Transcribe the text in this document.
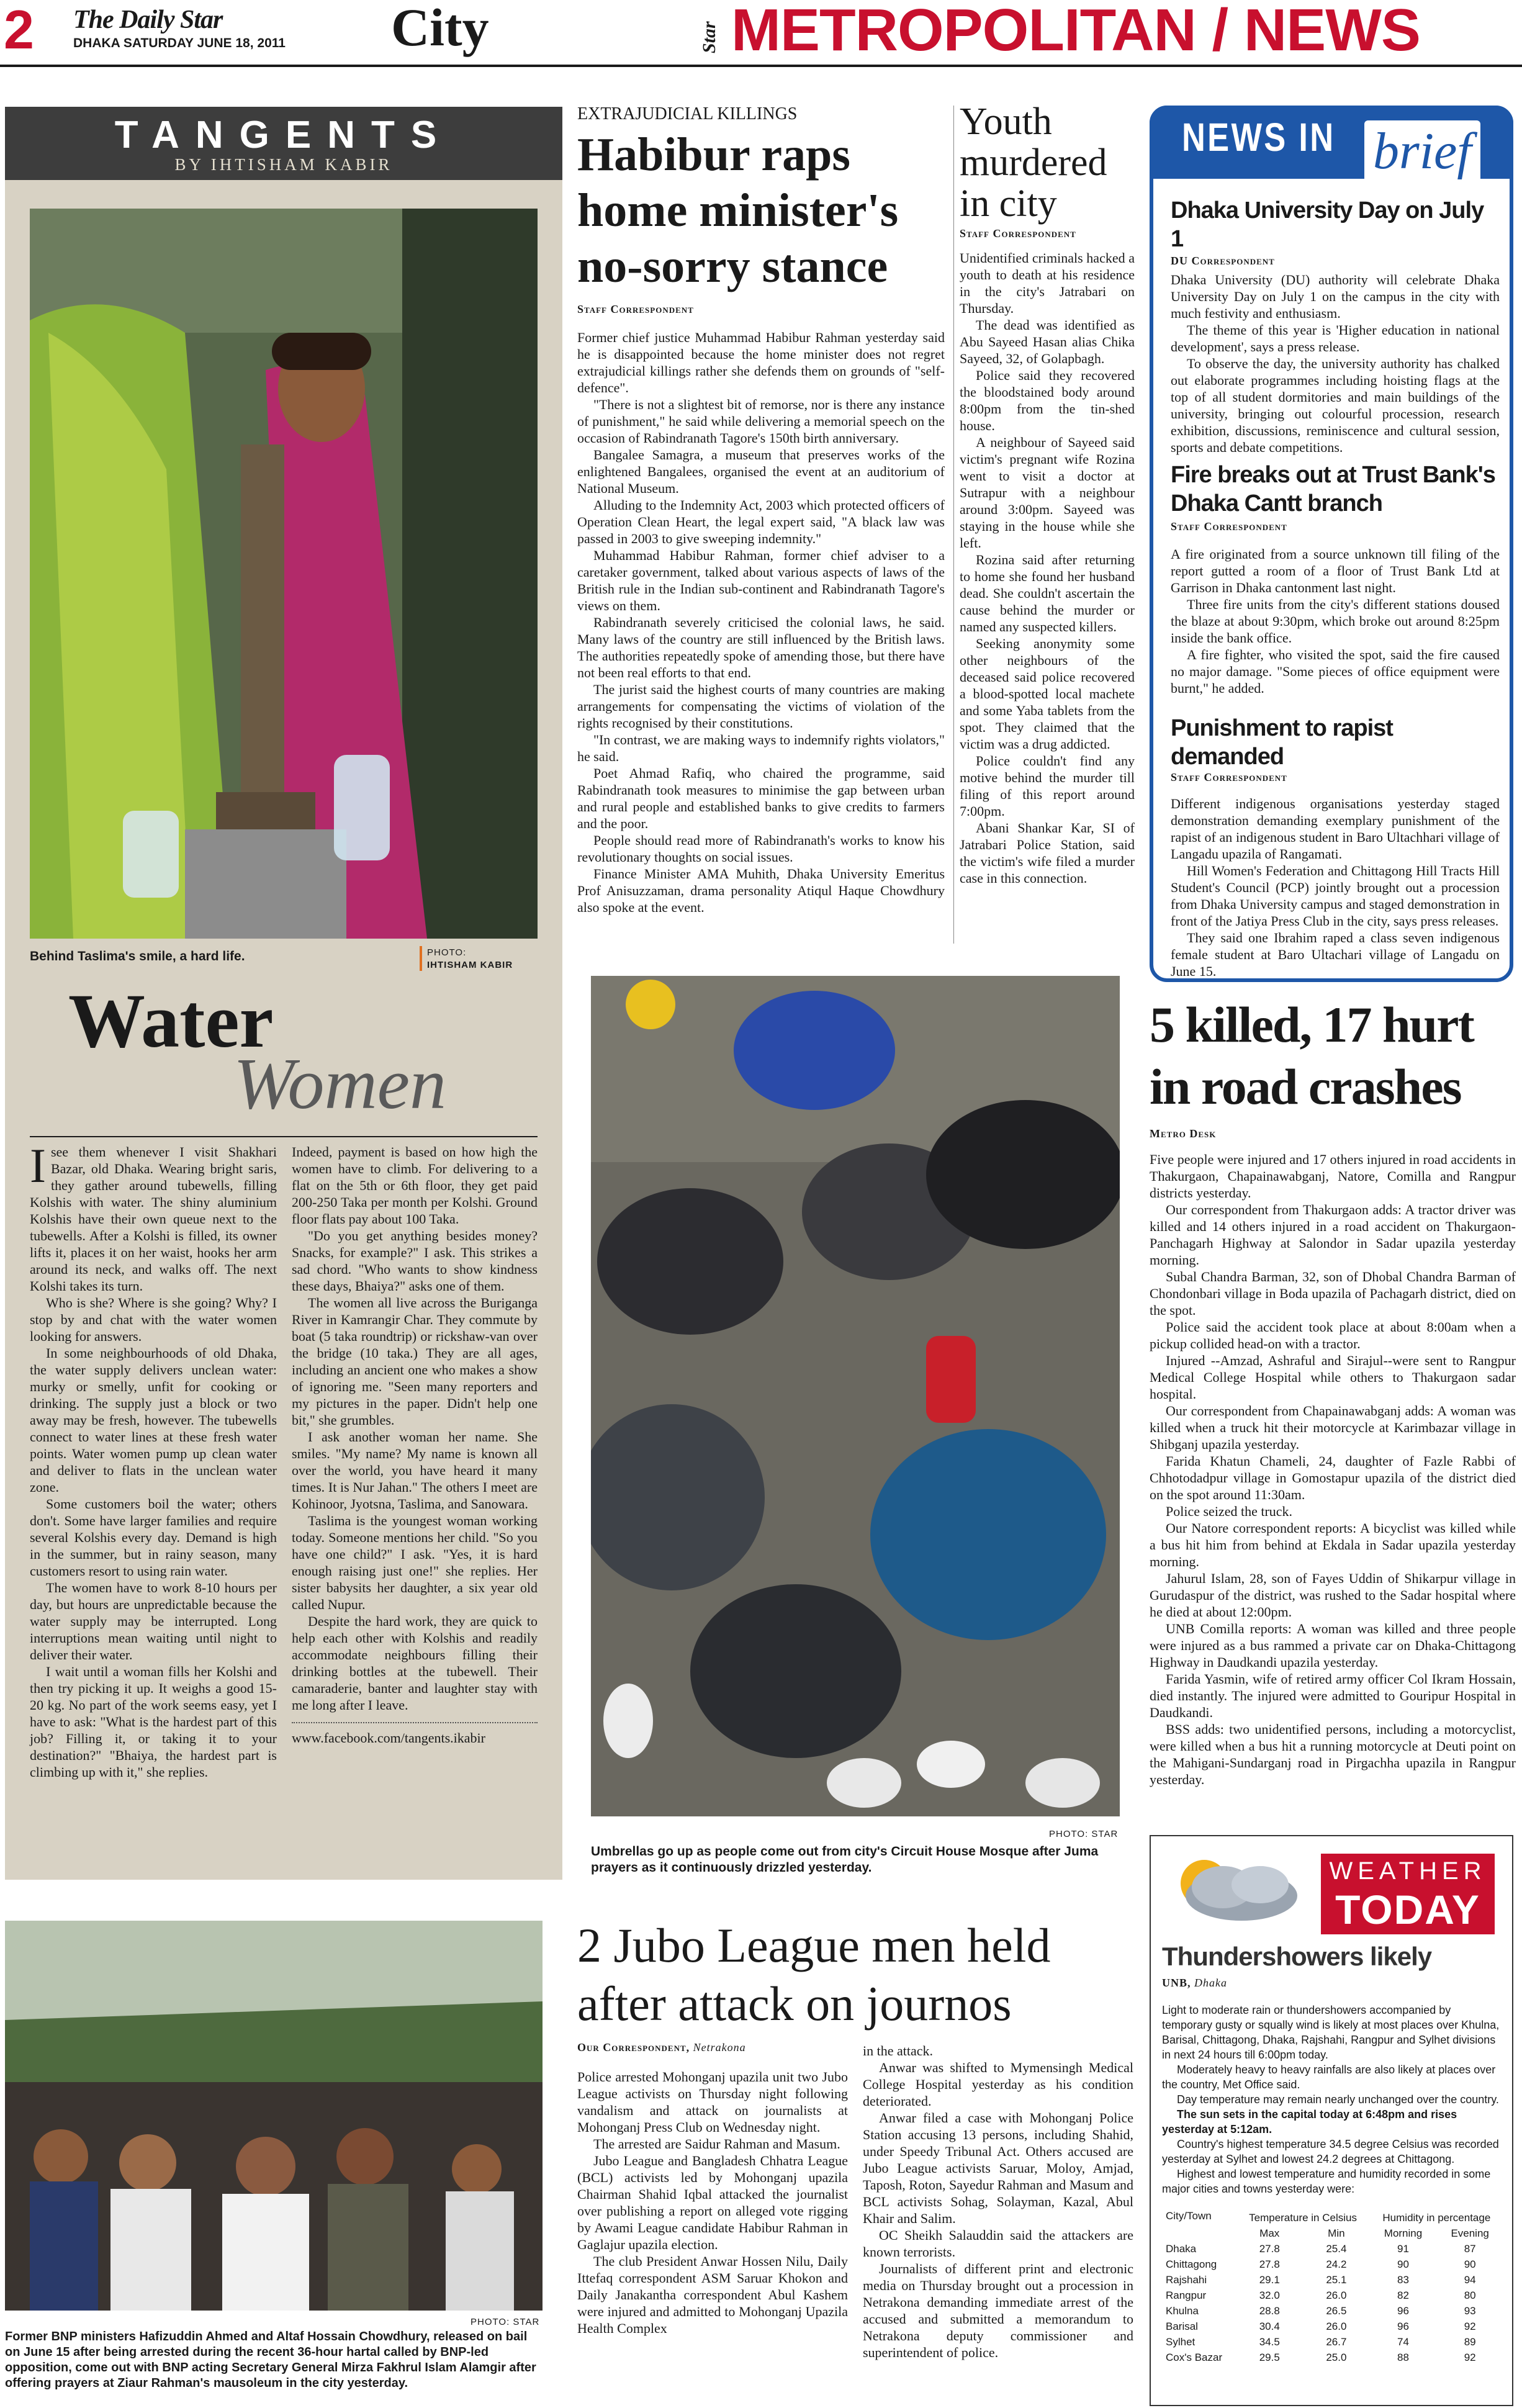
2 The Daily Star
DHAKA SATURDAY JUNE 18, 2011 City	Star METROPOLITAN / NEWS
TANGENTS
BY IHTISHAM KABIR
Behind Taslima's smile, a hard life.	PHOTO:
IHTISHAM KABIR
Water
Women
I see them whenever I visit Shakhari Bazar, old Dhaka. Wearing bright saris, they gather around tubewells, filling Kolshis with water. The shiny aluminium Kolshis have their own queue next to the tubewells. After a Kolshi is filled, its owner lifts it, places it on her waist, hooks her arm around its neck, and walks off. The next Kolshi takes its turn.

Who is she? Where is she going? Why? I stop by and chat with the water women looking for answers.

In some neighbourhoods of old Dhaka, the water supply delivers unclean water: murky or smelly, unfit for cooking or drinking. The supply just a block or two away may be fresh, however. The tubewells connect to water lines at these fresh water points. Water women pump up clean water and deliver to flats in the unclean water zone.

Some customers boil the water; others don't. Some have larger families and require several Kolshis every day. Demand is high in the summer, but in rainy season, many customers resort to using rain water.

The women have to work 8-10 hours per day, but hours are unpredictable because the water supply may be interrupted. Long interruptions mean waiting until night to deliver their water.

I wait until a woman fills her Kolshi and then try picking it up. It weighs a good 15-20 kg. No part of the work seems easy, yet I have to ask: "What is the hardest part of this job? Filling it, or taking it to your destination?" "Bhaiya, the hardest part is climbing up with it," she replies.

Indeed, payment is based on how high the women have to climb. For delivering to a flat on the 5th or 6th floor, they get paid 200-250 Taka per month per Kolshi. Ground floor flats pay about 100 Taka.

"Do you get anything besides money? Snacks, for example?" I ask. This strikes a sad chord. "Who wants to show kindness these days, Bhaiya?" asks one of them.

The women all live across the Buriganga River in Kamrangir Char. They commute by boat (5 taka roundtrip) or rickshaw-van over the bridge (10 taka.) They are all ages, including an ancient one who makes a show of ignoring me. "Seen many reporters and my pictures in the paper. Didn't help one bit," she grumbles.

I ask another woman her name. She smiles. "My name? My name is known all over the world, you have heard it many times. It is Nur Jahan." The others I meet are Kohinoor, Jyotsna, Taslima, and Sanowara.

Taslima is the youngest woman working today. Someone mentions her child. "So you have one child?" I ask. "Yes, it is hard enough raising just one!" she replies. Her sister babysits her daughter, a six year old called Nupur.

Despite the hard work, they are quick to help each other with Kolshis and readily accommodate neighbours filling their drinking bottles at the tubewell. Their camaraderie, banter and laughter stay with me long after I leave.

www.facebook.com/tangents.ikabir
EXTRAJUDICIAL KILLINGS
Habibur raps home minister's no-sorry stance
Staff Correspondent

Former chief justice Muhammad Habibur Rahman yesterday said he is disappointed because the home minister does not regret extrajudicial killings rather she defends them on grounds of "self-defence".

"There is not a slightest bit of remorse, nor is there any instance of punishment," he said while delivering a memorial speech on the occasion of Rabindranath Tagore's 150th birth anniversary.

Bangalee Samagra, a museum that preserves works of the enlightened Bangalees, organised the event at an auditorium of National Museum.

Alluding to the Indemnity Act, 2003 which protected officers of Operation Clean Heart, the legal expert said, "A black law was passed in 2003 to give sweeping indemnity."

Muhammad Habibur Rahman, former chief adviser to a caretaker government, talked about various aspects of laws of the British rule in the Indian sub-continent and Rabindranath Tagore's views on them.

Rabindranath severely criticised the colonial laws, he said. Many laws of the country are still influenced by the British laws. The authorities repeatedly spoke of amending those, but there have not been real efforts to that end.

The jurist said the highest courts of many countries are making arrangements for compensating the victims of violation of the rights recognised by their constitutions.

"In contrast, we are making ways to indemnify rights violators," he said.

Poet Ahmad Rafiq, who chaired the programme, said Rabindranath took measures to minimise the gap between urban and rural people and established banks to give credits to farmers and the poor.

People should read more of Rabindranath's works to know his revolutionary thoughts on social issues.

Finance Minister AMA Muhith, Dhaka University Emeritus Prof Anisuzzaman, drama personality Atiqul Haque Chowdhury also spoke at the event.

Youth
murdered
in city
Staff Correspondent

Unidentified criminals hacked a youth to death at his residence in the city's Jatrabari on Thursday.

The dead was identified as Abu Sayeed Hasan alias Chika Sayeed, 32, of Golapbagh.

Police said they recovered the bloodstained body around 8:00pm from the tin-shed house.

A neighbour of Sayeed said victim's pregnant wife Rozina went to visit a doctor at Sutrapur with a neighbour around 3:00pm. Sayeed was staying in the house while she left.

Rozina said after returning to home she found her husband dead. She couldn't ascertain the cause behind the murder or named any suspected killers.

Seeking anonymity some other neighbours of the deceased said police recovered a blood-spotted local machete and some Yaba tablets from the spot. They claimed that the victim was a drug addicted.

Police couldn't find any motive behind the murder till filing of this report around 7:00pm.

Abani Shankar Kar, SI of Jatrabari Police Station, said the victim's wife filed a murder case in this connection.

NEWS IN brief
Dhaka University Day on July 1
DU Correspondent

Dhaka University (DU) authority will celebrate Dhaka University Day on July 1 on the campus in the city with much festivity and enthusiasm.

The theme of this year is 'Higher education in national development', says a press release.

To observe the day, the university authority has chalked out elaborate programmes including hoisting flags at the top of all student dormitories and main buildings of the university, bringing out colourful procession, research exhibition, discussions, reminiscence and cultural session, sports and debate competitions.

Fire breaks out at Trust Bank's Dhaka Cantt branch
Staff Correspondent

A fire originated from a source unknown till filing of the report gutted a room of a floor of Trust Bank Ltd at Garrison in Dhaka cantonment last night.

Three fire units from the city's different stations doused the blaze at about 9:30pm, which broke out around 8:25pm inside the bank office.

A fire fighter, who visited the spot, said the fire caused no major damage. "Some pieces of office equipment were burnt," he added.

Punishment to rapist demanded
Staff Correspondent

Different indigenous organisations yesterday staged demonstration demanding exemplary punishment of the rapist of an indigenous student in Baro Ultachhari village of Langadu upazila of Rangamati.

Hill Women's Federation and Chittagong Hill Tracts Hill Student's Council (PCP) jointly brought out a procession from Dhaka University campus and staged demonstration in front of the Jatiya Press Club in the city, says press releases.

They said one Ibrahim raped a class seven indigenous female student at Baro Ultachari village of Langadu on June 15.

PHOTO: STAR
Umbrellas go up as people come out from city's Circuit House Mosque after Juma prayers as it continuously drizzled yesterday.
5 killed, 17 hurt
in road crashes
Metro Desk

Five people were injured and 17 others injured in road accidents in Thakurgaon, Chapainawabganj, Natore, Comilla and Rangpur districts yesterday.

Our correspondent from Thakurgaon adds: A tractor driver was killed and 14 others injured in a road accident on Thakurgaon-Panchagarh Highway at Salondor in Sadar upazila yesterday morning.

Subal Chandra Barman, 32, son of Dhobal Chandra Barman of Chondonbari village in Boda upazila of Pachagarh district, died on the spot.

Police said the accident took place at about 8:00am when a pickup collided head-on with a tractor.

Injured --Amzad, Ashraful and Sirajul--were sent to Rangpur Medical College Hospital while others to Thakurgaon sadar hospital.

Our correspondent from Chapainawabganj adds: A woman was killed when a truck hit their motorcycle at Karimbazar village in Shibganj upazila yesterday.

Farida Khatun Chameli, 24, daughter of Fazle Rabbi of Chhotodadpur village in Gomostapur upazila of the district died on the spot around 11:30am.

Police seized the truck.

Our Natore correspondent reports: A bicyclist was killed while a bus hit him from behind at Ekdala in Sadar upazila yesterday morning.

Jahurul Islam, 28, son of Fayes Uddin of Shikarpur village in Gurudaspur of the district, was rushed to the Sadar hospital where he died at about 12:00pm.

UNB Comilla reports: A woman was killed and three people were injured as a bus rammed a private car on Dhaka-Chittagong Highway in Daudkandi upazila yesterday.

Farida Yasmin, wife of retired army officer Col Ikram Hossain, died instantly. The injured were admitted to Gouripur Hospital in Daudkandi.

BSS adds: two unidentified persons, including a motorcyclist, were killed when a bus hit a running motorcycle at Deuti point on the Mahigani-Sundarganj road in Pirgachha upazila in Rangpur yesterday.

PHOTO: STAR
Former BNP ministers Hafizuddin Ahmed and Altaf Hossain Chowdhury, released on bail on June 15 after being arrested during the recent 36-hour hartal called by BNP-led opposition, come out with BNP acting Secretary General Mirza Fakhrul Islam Alamgir after offering prayers at Ziaur Rahman's mausoleum in the city yesterday.
2 Jubo League men held
after attack on journos
Our Correspondent, Netrakona

Police arrested Mohonganj upazila unit two Jubo League activists on Thursday night following vandalism and attack on journalists at Mohonganj Press Club on Wednesday night.

The arrested are Saidur Rahman and Masum.

Jubo League and Bangladesh Chhatra League (BCL) activists led by Mohonganj upazila Chairman Shahid Iqbal attacked the journalist over publishing a report on alleged vote rigging by Awami League candidate Habibur Rahman in Gaglajur upazila election.

The club President Anwar Hossen Nilu, Daily Ittefaq correspondent ASM Saruar Khokon and Daily Janakantha correspondent Abul Kashem were injured and admitted to Mohonganj Upazila Health Complex

in the attack.

Anwar was shifted to Mymensingh Medical College Hospital yesterday as his condition deteriorated.

Anwar filed a case with Mohonganj Police Station accusing 13 persons, including Shahid, under Speedy Tribunal Act. Others accused are Jubo League activists Saruar, Moloy, Amjad, Taposh, Roton, Sayedur Rahman and Masum and BCL activists Sohag, Solayman, Kazal, Abul Khair and Salim.

OC Sheikh Salauddin said the attackers are known terrorists.

Journalists of different print and electronic media on Thursday brought out a procession in Netrakona demanding immediate arrest of the accused and submitted a memorandum to Netrakona deputy commissioner and superintendent of police.

WEATHER
TODAY
Thundershowers likely
UNB, Dhaka

Light to moderate rain or thundershowers accompanied by temporary gusty or squally wind is likely at most places over Khulna, Barisal, Chittagong, Dhaka, Rajshahi, Rangpur and Sylhet divisions in next 24 hours till 6:00pm today.

Moderately heavy to heavy rainfalls are also likely at places over the country, Met Office said.

Day temperature may remain nearly unchanged over the country.

The sun sets in the capital today at 6:48pm and rises yesterday at 5:12am.

Country's highest temperature 34.5 degree Celsius was recorded yesterday at Sylhet and lowest 24.2 degrees at Chittagong.

Highest and lowest temperature and humidity recorded in some major cities and towns yesterday were:

City/Town	Temperature in Celsius		Humidity in percentage	
	Max	Min	Morning	Evening
Dhaka	27.8	25.4	91	87
Chittagong	27.8	24.2	90	90
Rajshahi	29.1	25.1	83	94
Rangpur	32.0	26.0	82	80
Khulna	28.8	26.5	96	93
Barisal	30.4	26.0	96	92
Sylhet	34.5	26.7	74	89
Cox's Bazar	29.5	25.0	88	92
